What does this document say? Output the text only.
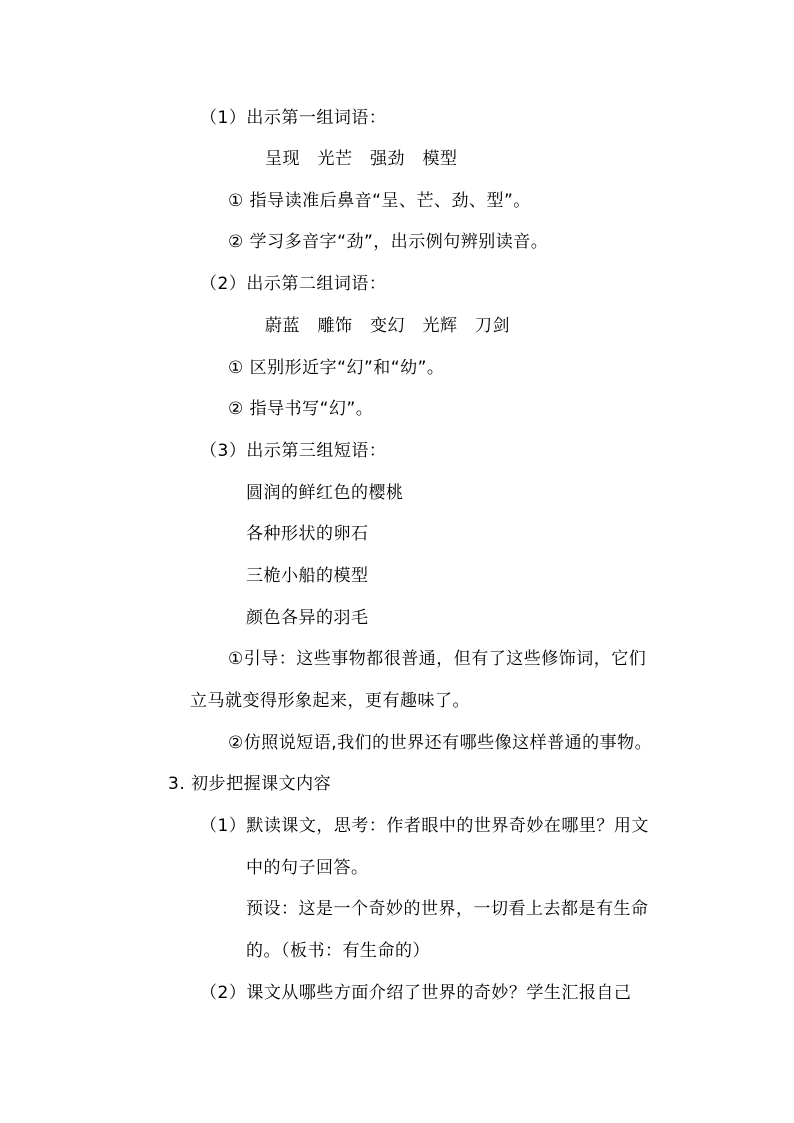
（1）出示第一组词语：
呈现　光芒　强劲　模型
① 指导读准后鼻音“呈、芒、劲、型”。
② 学习多音字“劲”，出示例句辨别读音。
（2）出示第二组词语：
蔚蓝　雕饰　变幻　光辉　刀剑
① 区别形近字“幻”和“幼”。
② 指导书写“幻”。
（3）出示第三组短语：
圆润的鲜红色的樱桃
各种形状的卵石
三桅小船的模型
颜色各异的羽毛
①引导：这些事物都很普通，但有了这些修饰词，它们
立马就变得形象起来，更有趣味了。
②仿照说短语,我们的世界还有哪些像这样普通的事物。
3. 初步把握课文内容
（1）默读课文，思考：作者眼中的世界奇妙在哪里？用文
中的句子回答。
预设：这是一个奇妙的世界，一切看上去都是有生命
的。（板书：有生命的）
（2）课文从哪些方面介绍了世界的奇妙？学生汇报自己
